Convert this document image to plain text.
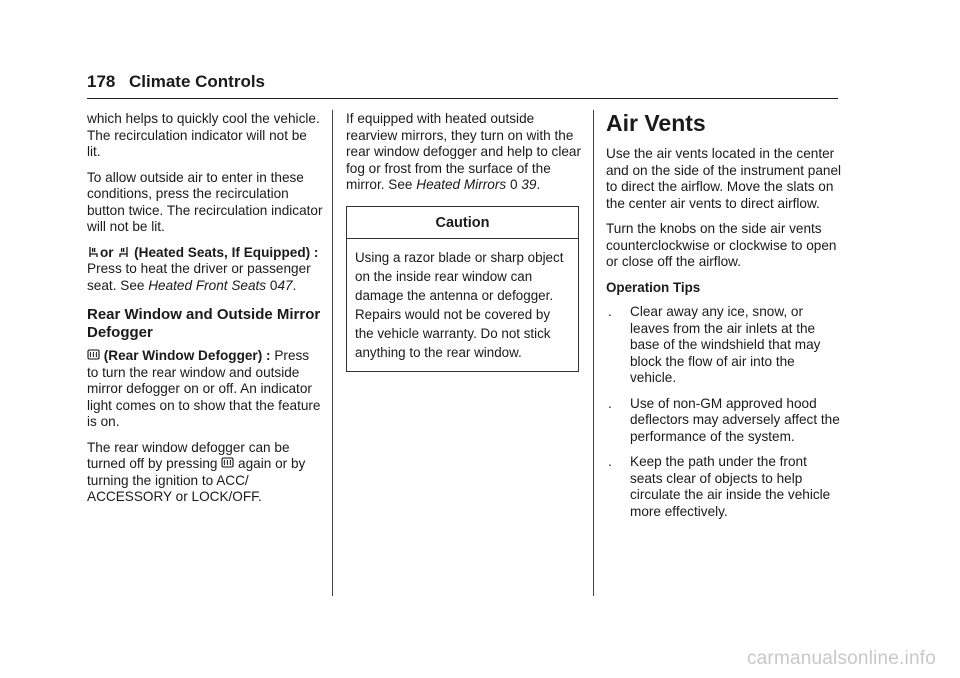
178 Climate Controls

which helps to quickly cool the vehicle. The recirculation indicator will not be lit.

To allow outside air to enter in these conditions, press the recirculation button twice. The recirculation indicator will not be lit.

or (Heated Seats, If Equipped) : Press to heat the driver or passenger seat. See Heated Front Seats 047.

Rear Window and Outside Mirror Defogger

(Rear Window Defogger) : Press to turn the rear window and outside mirror defogger on or off. An indicator light comes on to show that the feature is on.

The rear window defogger can be turned off by pressing again or by turning the ignition to ACC/ ACCESSORY or LOCK/OFF.

If equipped with heated outside rearview mirrors, they turn on with the rear window defogger and help to clear fog or frost from the surface of the mirror. See Heated Mirrors 0 39.

Caution
Using a razor blade or sharp object on the inside rear window can damage the antenna or defogger. Repairs would not be covered by the vehicle warranty. Do not stick anything to the rear window.
Air Vents

Use the air vents located in the center and on the side of the instrument panel to direct the airflow. Move the slats on the center air vents to direct airflow.

Turn the knobs on the side air vents counterclockwise or clockwise to open or close off the airflow.

Operation Tips
. Clear away any ice, snow, or leaves from the air inlets at the base of the windshield that may block the flow of air into the vehicle.
. Use of non-GM approved hood deflectors may adversely affect the performance of the system.
. Keep the path under the front seats clear of objects to help circulate the air inside the vehicle more effectively.
carmanualsonline.info
